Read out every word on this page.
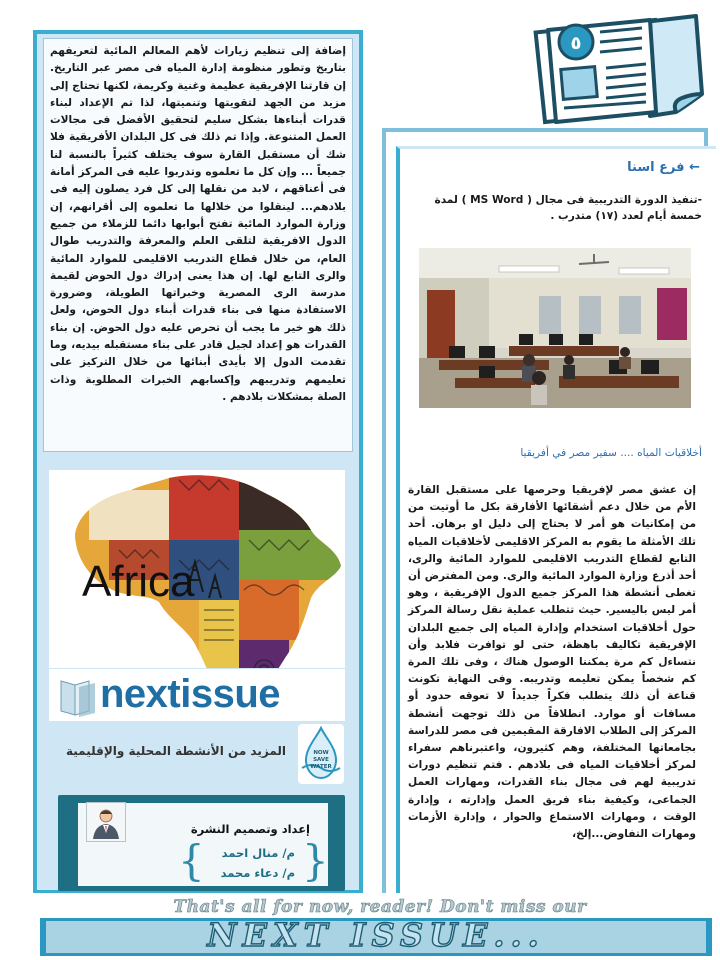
٥
إضافة إلى تنظيم زيارات لأهم المعالم المائية لتعريفهم بتاريخ وتطور منظومة إدارة المياه فى مصر عبر التاريخ. إن قارتنا الإفريقية عظيمة وغنية وكريمة، لكنها تحتاج إلى مزيد من الجهد لتقويتها وتنميتها، لذا تم الإعداد لبناء قدرات أبناءها بشكل سليم لتحقيق الأفضل فى مجالات العمل المتنوعة. وإذا تم ذلك فى كل البلدان الأفريقية فلا شك أن مستقبل القارة سوف يختلف كثيراً بالنسبة لنا جميعاً ... وإن كل ما تعلموه وتدربوا عليه فى المركز أمانة فى أعناقهم ، لابد من نقلها إلى كل فرد يصلون إليه فى بلادهم... لينقلوا من خلالها ما تعلموه إلى أقرانهم، إن وزارة الموارد المائية تفتح أبوابها دائما للزملاء من جميع الدول الافريقية لتلقى العلم والمعرفة والتدريب طوال العام، من خلال قطاع التدريب الاقليمى للموارد المائية والرى التابع لها. إن هذا يعنى إدراك دول الحوض لقيمة مدرسة الرى المصرية وخبراتها الطويلة، وضرورة الاستفادة منها فى بناء قدرات أبناء دول الحوض، ولعل ذلك هو خير ما يجب أن تحرص عليه دول الحوض. إن بناء القدرات هو إعداد لجيل قادر على بناء مستقبله بيديه، وما تقدمت الدول إلا بأيدى أبنائها من خلال التركيز على تعليمهم وتدريبهم وإكسابهم الخبرات المطلوبة وذات الصلة بمشكلات بلادهم .
Africa
nextissue
المزيد من الأنشطة المحلية والإقليمية	NOW
SAVE
WATER
إعداد وتصميم النشرة
{ }
م/ منال احمد
م/ دعاء محمد
← فرع اسنا
-تنفيذ الدورة التدريبية فى مجال ( MS Word ) لمدة خمسة أيام لعدد (١٧) متدرب .
أخلاقيات المياه .... سفير مصر في أفريقيا
إن عشق مصر لإفريقيا وحرصها على مستقبل القارة الأم من خلال دعم أشقائها الأفارقة بكل ما أوتيت من من إمكانيات هو أمر لا يحتاج إلى دليل او برهان. أحد تلك الأمثلة ما يقوم به المركز الاقليمى لأخلاقيات المياه التابع لقطاع التدريب الاقليمى للموارد المائية والرى، أحد أذرع وزارة الموارد المائية والرى. ومن المفترض أن تغطى أنشطة هذا المركز جميع الدول الإفريقية ، وهو أمر ليس باليسير. حيث تتطلب عملية نقل رسالة المركز حول أخلاقيات استخدام وإدارة المياه إلى جميع البلدان الإفريقية تكاليف باهظة، حتى لو توافرت فلابد وأن نتساءل كم مرة يمكننا الوصول هناك ، وفى تلك المرة كم شخصاً يمكن تعليمه وتدريبه. وفى النهاية تكونت قناعة أن ذلك يتطلب فكراً جديداً لا تعوقه حدود أو مسافات أو موارد. انطلاقاً من ذلك توجهت أنشطة المركز إلى الطلاب الافارقة المقيمين فى مصر للدراسة بجامعاتها المختلفة، وهم كثيرون، واعتبرناهم سفراء لمركز أخلاقيات المياه فى بلادهم . فتم تنظيم دورات تدريبية لهم فى مجال بناء القدرات، ومهارات العمل الجماعى، وكيفية بناء فريق العمل وإدارته ، وإدارة الوقت ، ومهارات الاستماع والحوار ، وإدارة الأزمات ومهارات التفاوض...إلخ،
That's all for now, reader! Don't miss our
NEXT ISSUE...
